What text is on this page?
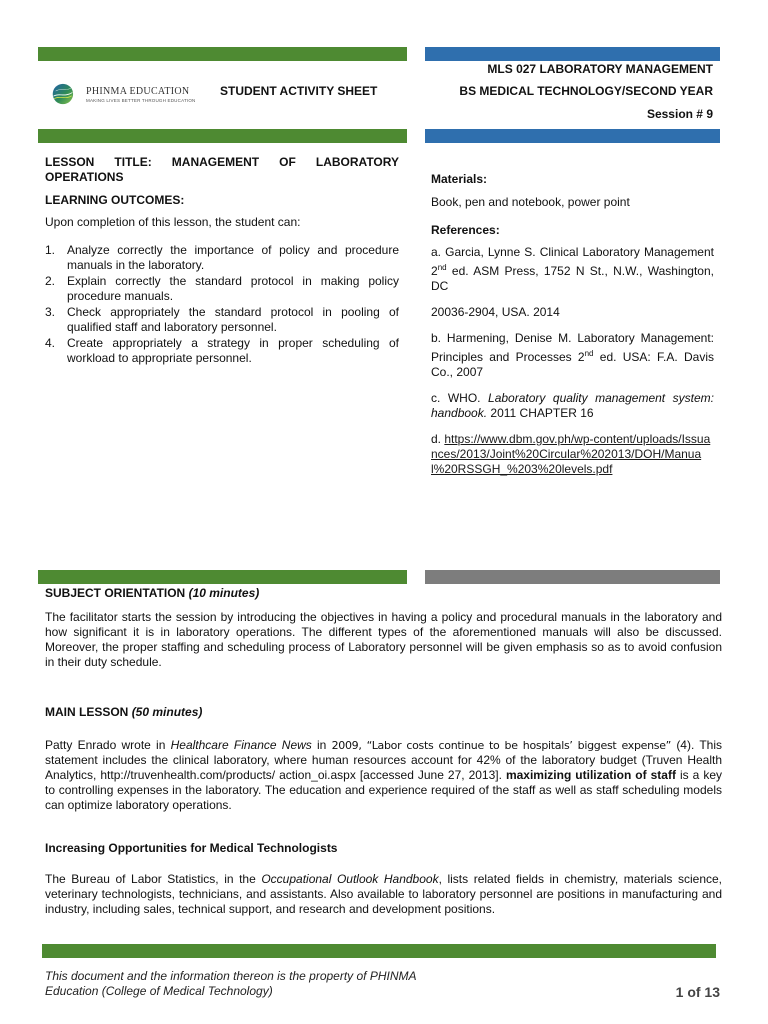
PHINMA EDUCATION
MAKING LIVES BETTER THROUGH EDUCATION
STUDENT ACTIVITY SHEET
MLS 027 LABORATORY MANAGEMENT
BS MEDICAL TECHNOLOGY/SECOND YEAR
Session # 9
LESSON TITLE: MANAGEMENT OF LABORATORY OPERATIONS
LEARNING OUTCOMES:
Upon completion of this lesson, the student can:
1. Analyze correctly the importance of policy and procedure manuals in the laboratory.
2. Explain correctly the standard protocol in making policy procedure manuals.
3. Check appropriately the standard protocol in pooling of qualified staff and laboratory personnel.
4. Create appropriately a strategy in proper scheduling of workload to appropriate personnel.
Materials:
Book, pen and notebook, power point
References:

a. Garcia, Lynne S. Clinical Laboratory Management 2nd ed. ASM Press, 1752 N St., N.W., Washington, DC

20036-2904, USA. 2014

b. Harmening, Denise M. Laboratory Management: Principles and Processes 2nd ed. USA: F.A. Davis Co., 2007

c. WHO. Laboratory quality management system: handbook. 2011 CHAPTER 16

d. https://www.dbm.gov.ph/wp-content/uploads/Issuances/2013/Joint%20Circular%202013/DOH/Manual%20RSSGH_%203%20levels.pdf

SUBJECT ORIENTATION (10 minutes)

The facilitator starts the session by introducing the objectives in having a policy and procedural manuals in the laboratory and how significant it is in laboratory operations. The different types of the aforementioned manuals will also be discussed. Moreover, the proper staffing and scheduling process of Laboratory personnel will be given emphasis so as to avoid confusion in their duty schedule.

MAIN LESSON (50 minutes)

Patty Enrado wrote in Healthcare Finance News in 2009, “Labor costs continue to be hospitals’ biggest expense” (4). This statement includes the clinical laboratory, where human resources account for 42% of the laboratory budget (Truven Health Analytics, http://truvenhealth.com/products/ action_oi.aspx [accessed June 27, 2013]. maximizing utilization of staff is a key to controlling expenses in the laboratory. The education and experience required of the staff as well as staff scheduling models can optimize laboratory operations.

Increasing Opportunities for Medical Technologists

The Bureau of Labor Statistics, in the Occupational Outlook Handbook, lists related fields in chemistry, materials science, veterinary technologists, technicians, and assistants. Also available to laboratory personnel are positions in manufacturing and industry, including sales, technical support, and research and development positions.

This document and the information thereon is the property of PHINMA Education (College of Medical Technology)	1 of 13
